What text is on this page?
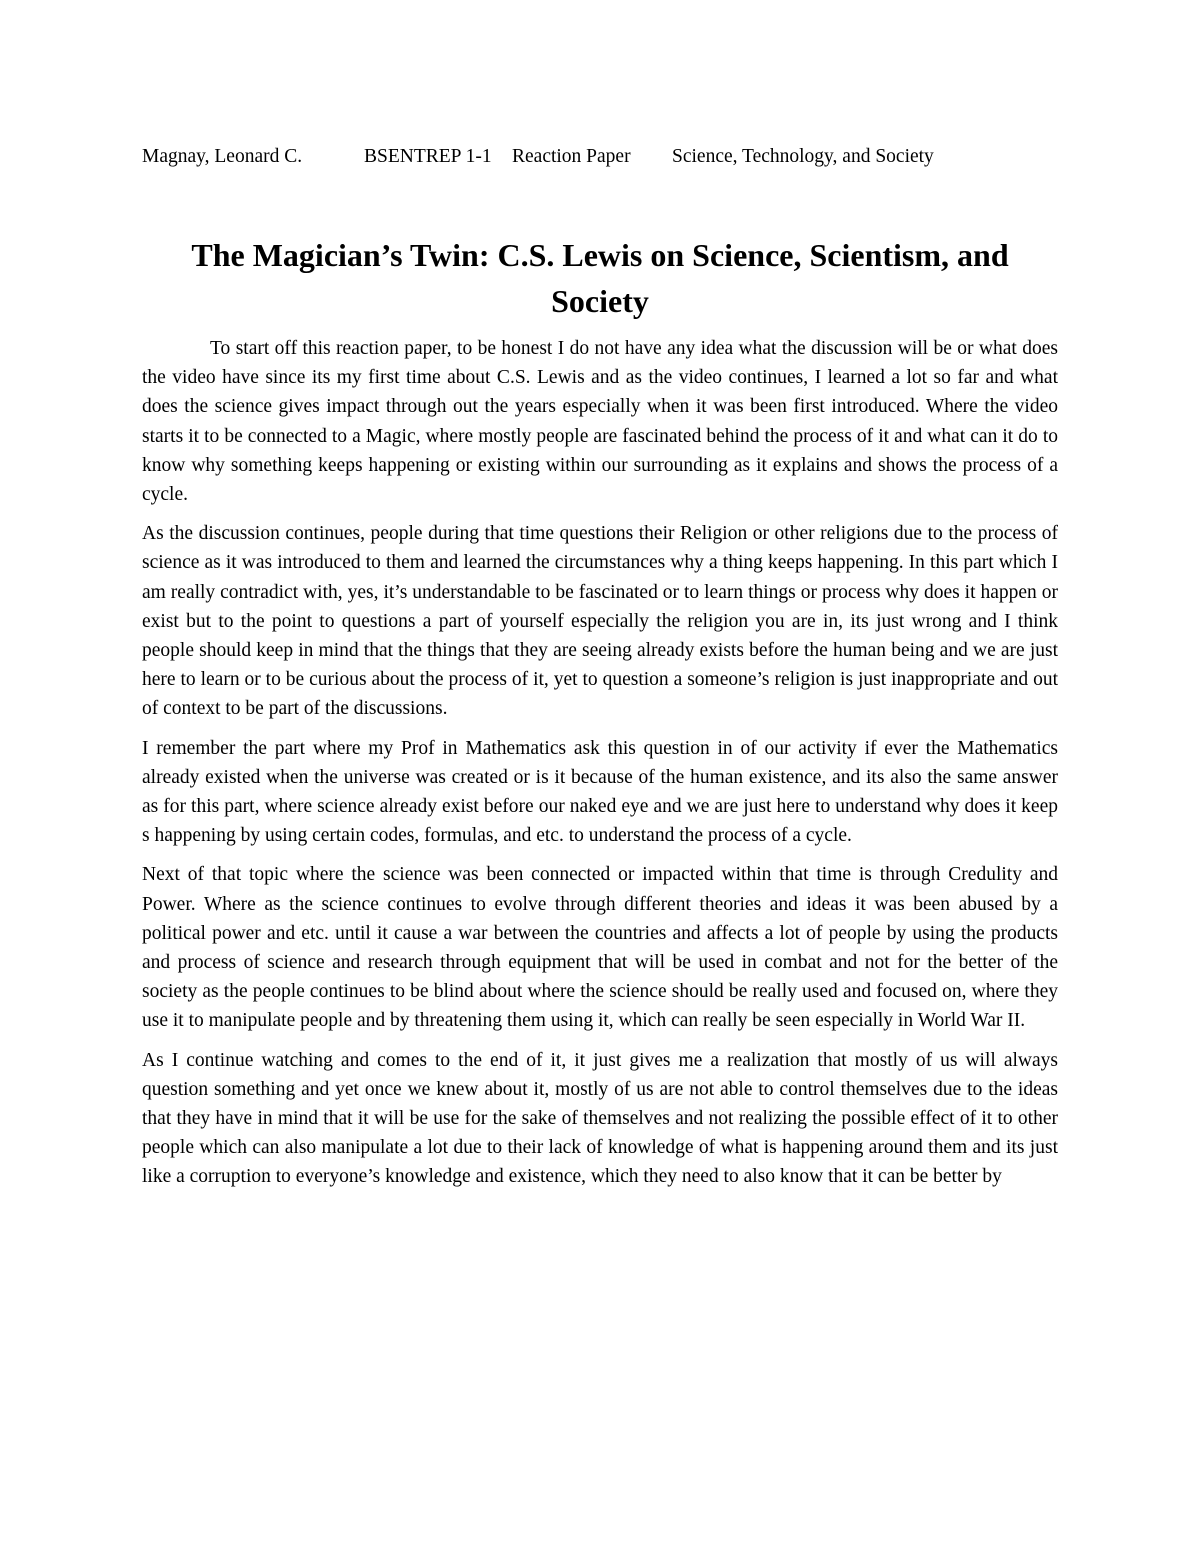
Magnay, Leonard C.	BSENTREP 1-1 Reaction Paper Science, Technology, and Society
The Magician’s Twin: C.S. Lewis on Science, Scientism, and Society

To start off this reaction paper, to be honest I do not have any idea what the discussion will be or what does the video have since its my first time about C.S. Lewis and as the video continues, I learned a lot so far and what does the science gives impact through out the years especially when it was been first introduced. Where the video starts it to be connected to a Magic, where mostly people are fascinated behind the process of it and what can it do to know why something keeps happening or existing within our surrounding as it explains and shows the process of a cycle.

As the discussion continues, people during that time questions their Religion or other religions due to the process of science as it was introduced to them and learned the circumstances why a thing keeps happening. In this part which I am really contradict with, yes, it’s understandable to be fascinated or to learn things or process why does it happen or exist but to the point to questions a part of yourself especially the religion you are in, its just wrong and I think people should keep in mind that the things that they are seeing already exists before the human being and we are just here to learn or to be curious about the process of it, yet to question a someone’s religion is just inappropriate and out of context to be part of the discussions.

I remember the part where my Prof in Mathematics ask this question in of our activity if ever the Mathematics already existed when the universe was created or is it because of the human existence, and its also the same answer as for this part, where science already exist before our naked eye and we are just here to understand why does it keep s happening by using certain codes, formulas, and etc. to understand the process of a cycle.

Next of that topic where the science was been connected or impacted within that time is through Credulity and Power. Where as the science continues to evolve through different theories and ideas it was been abused by a political power and etc. until it cause a war between the countries and affects a lot of people by using the products and process of science and research through equipment that will be used in combat and not for the better of the society as the people continues to be blind about where the science should be really used and focused on, where they use it to manipulate people and by threatening them using it, which can really be seen especially in World War II.

As I continue watching and comes to the end of it, it just gives me a realization that mostly of us will always question something and yet once we knew about it, mostly of us are not able to control themselves due to the ideas that they have in mind that it will be use for the sake of themselves and not realizing the possible effect of it to other people which can also manipulate a lot due to their lack of knowledge of what is happening around them and its just like a corruption to everyone’s knowledge and existence, which they need to also know that it can be better by
